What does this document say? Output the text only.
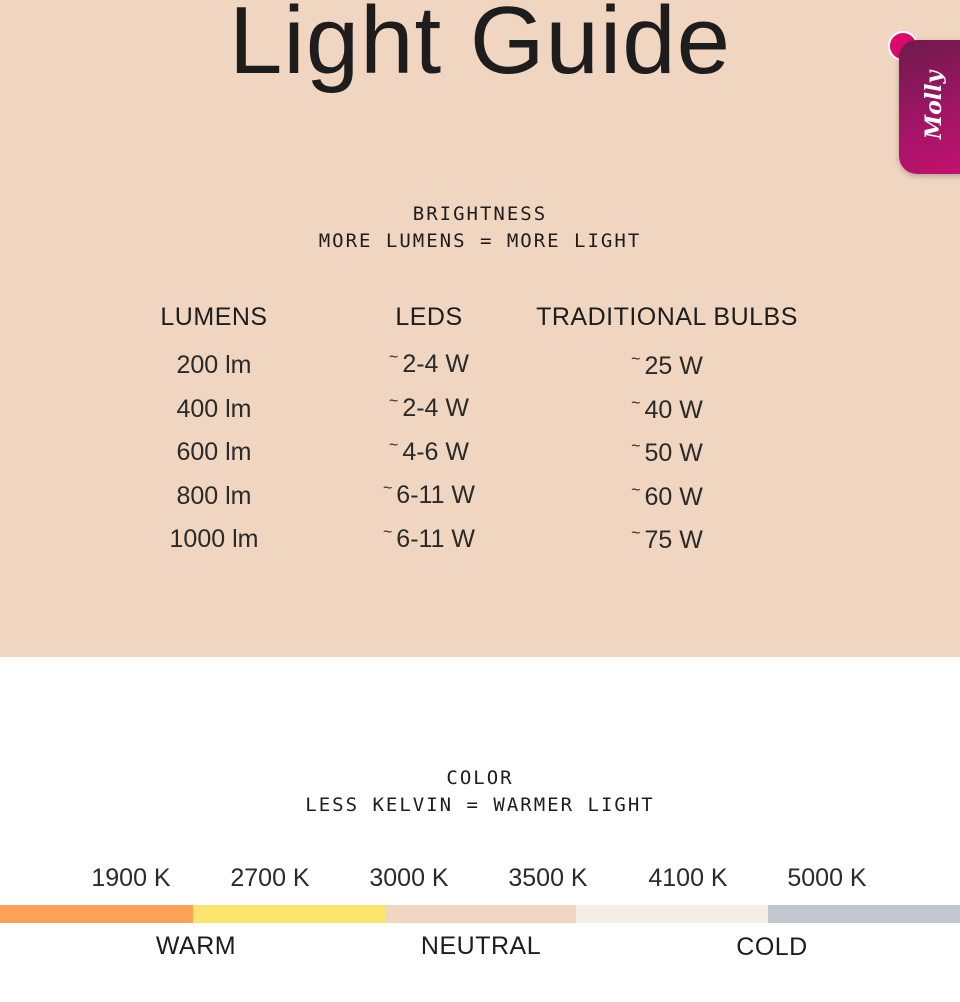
Light Guide
Molly
BRIGHTNESS
MORE LUMENS = MORE LIGHT
LUMENS	LEDS	TRADITIONAL BULBS
200 lm	~ 2-4 W	~ 25 W
400 lm	~ 2-4 W	~ 40 W
600 lm	~ 4-6 W	~ 50 W
800 lm	~ 6-11 W	~ 60 W
1000 lm	~ 6-11 W	~ 75 W
COLOR
LESS KELVIN = WARMER LIGHT
1900 K	2700 K	3000 K	3500 K	4100 K	5000 K
WARM	NEUTRAL	COLD
